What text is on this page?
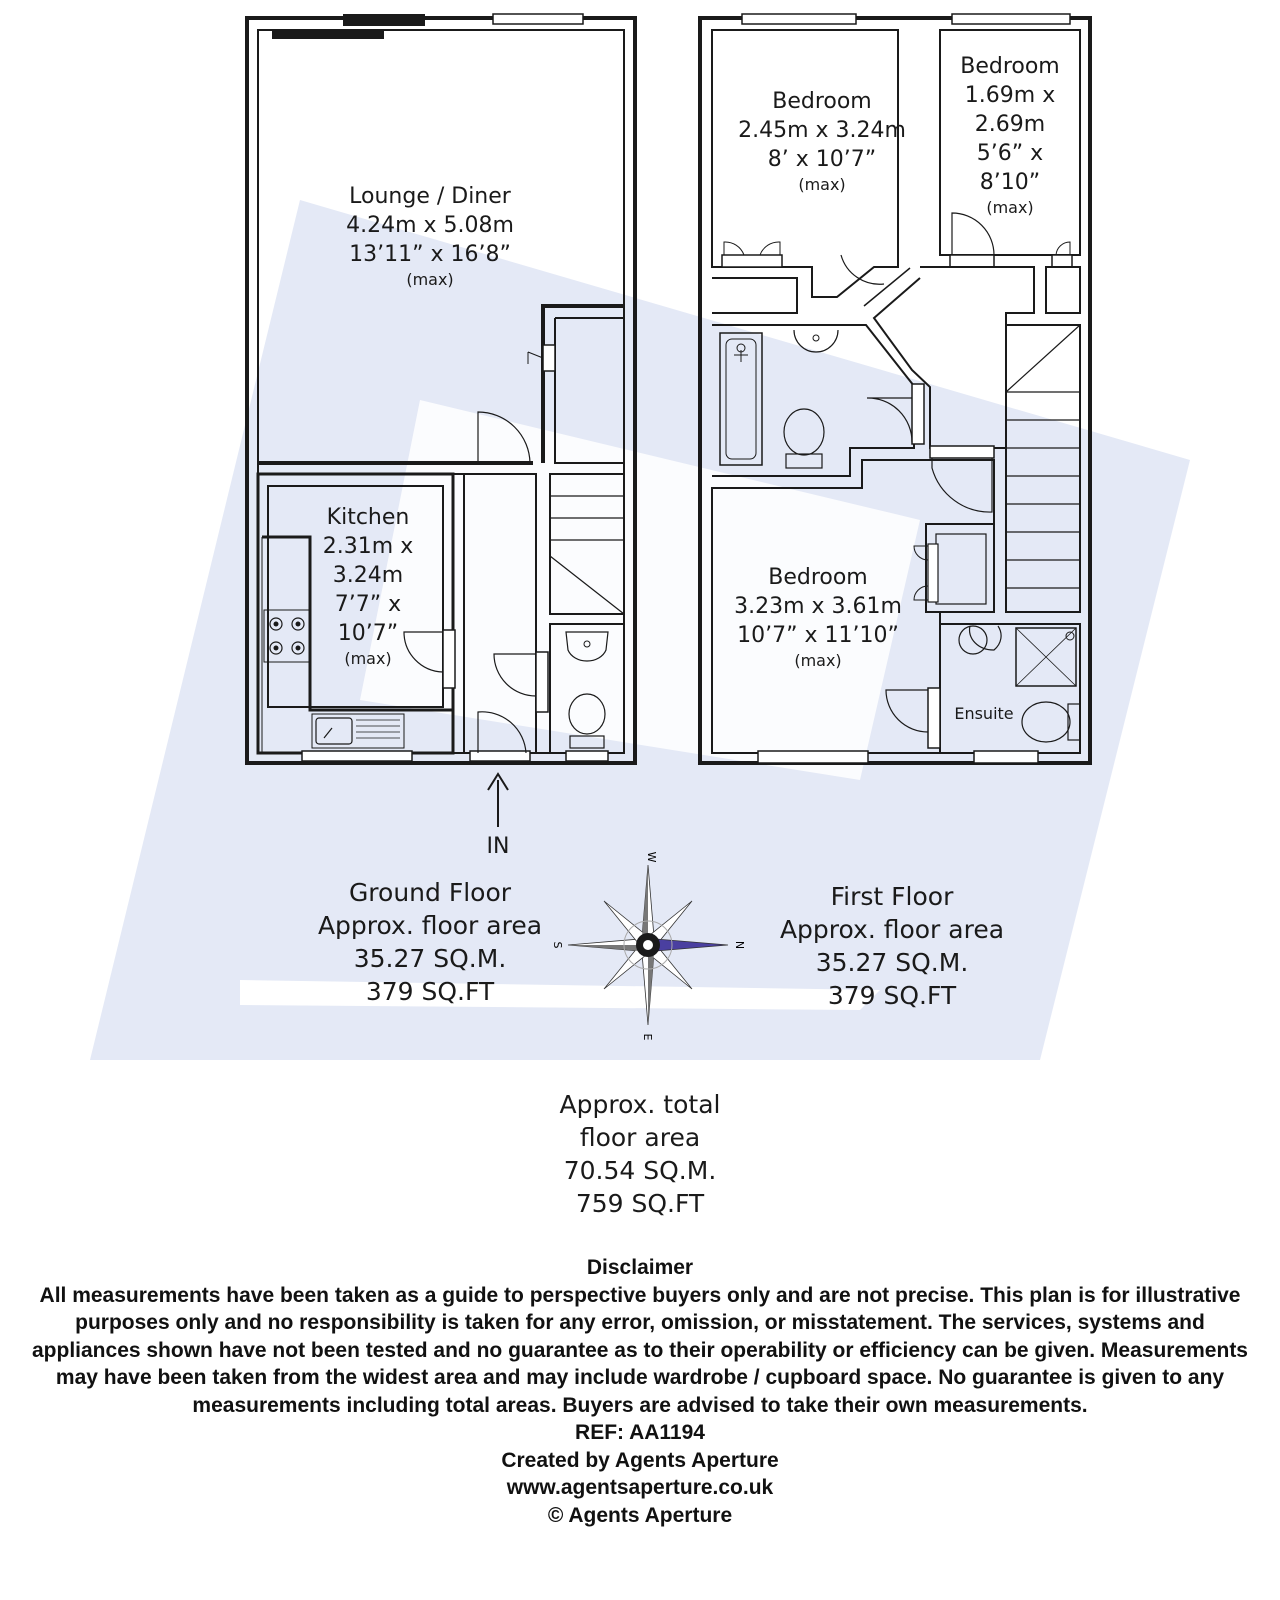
W
N
E
S
Lounge / Diner
4.24m x 5.08m
13’11” x 16’8”
(max)
Kitchen
2.31m x
3.24m
7’7” x
10’7”
(max)
IN
Bedroom
2.45m x 3.24m
8’ x 10’7”
(max)
Bedroom
1.69m x
2.69m
5’6” x
8’10”
(max)
Bedroom
3.23m x 3.61m
10’7” x 11’10”
(max)
Ensuite
Ground Floor
Approx. floor area
35.27 SQ.M.
379 SQ.FT
First Floor
Approx. floor area
35.27 SQ.M.
379 SQ.FT
Approx. total
floor area
70.54 SQ.M.
759 SQ.FT
Disclaimer
All measurements have been taken as a guide to perspective buyers only and are not precise. This plan is for illustrative purposes only and no responsibility is taken for any error, omission, or misstatement. The services, systems and appliances shown have not been tested and no guarantee as to their operability or efficiency can be given. Measurements may have been taken from the widest area and may include wardrobe / cupboard space. No guarantee is given to any measurements including total areas. Buyers are advised to take their own measurements.
REF: AA1194
Created by Agents Aperture
www.agentsaperture.co.uk
© Agents Aperture
